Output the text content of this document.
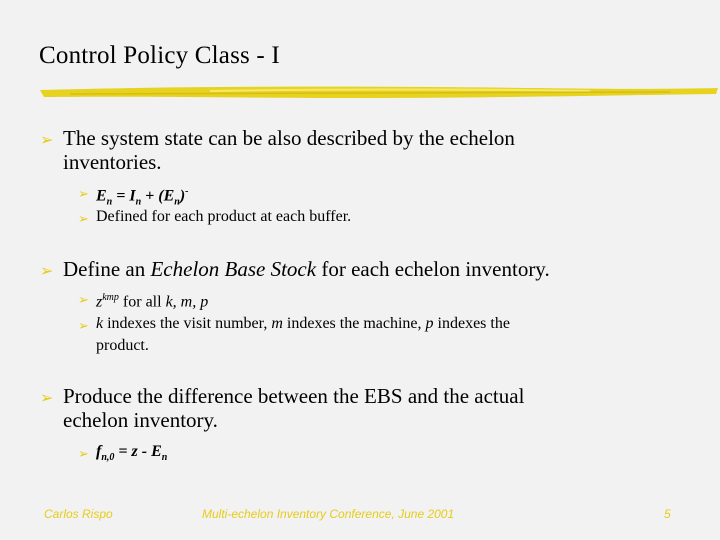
Control Policy Class - I
➢ The system state can be also described by the echelon
inventories.
➢ $E_n = I_n + (E_n)^-$
➢ Defined for each product at each buffer.
➢ Define an Echelon Base Stock for each echelon inventory.
➢ $z^{kmp}$ for all k, m, p
➢ k indexes the visit number, m indexes the machine, p indexes the
product.
➢ Produce the difference between the EBS and the actual
echelon inventory.
➢ $f_{n,0} = z - E_n$
Carlos Rispo	Multi-echelon Inventory Conference, June 2001	5
